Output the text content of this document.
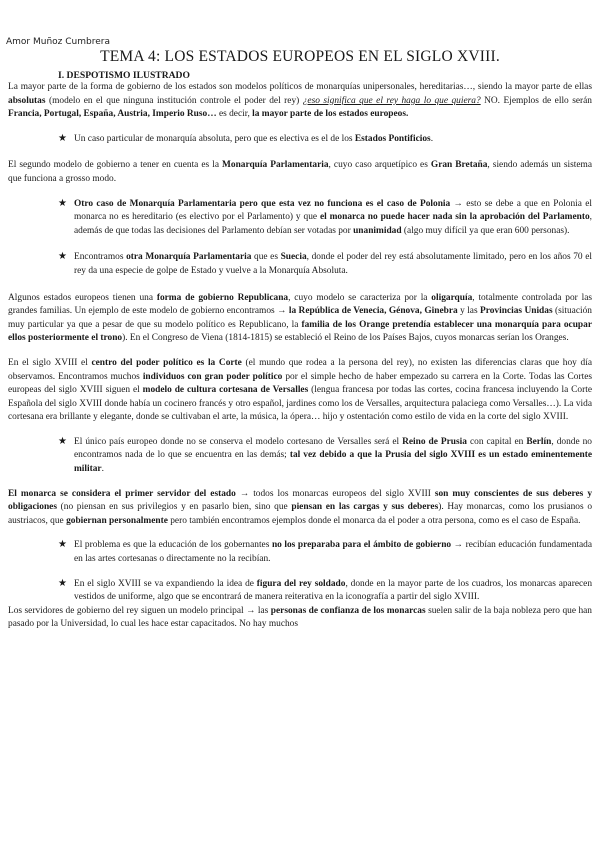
Amor Muñoz Cumbrera
TEMA 4: LOS ESTADOS EUROPEOS EN EL SIGLO XVIII.
I. DESPOTISMO ILUSTRADO

La mayor parte de la forma de gobierno de los estados son modelos políticos de monarquías unipersonales, hereditarias…, siendo la mayor parte de ellas absolutas (modelo en el que ninguna institución controle el poder del rey) ¿eso significa que el rey haga lo que quiera? NO. Ejemplos de ello serán Francia, Portugal, España, Austria, Imperio Ruso… es decir, la mayor parte de los estados europeos.

★ Un caso particular de monarquía absoluta, pero que es electiva es el de los Estados Pontificios.

El segundo modelo de gobierno a tener en cuenta es la Monarquía Parlamentaria, cuyo caso arquetípico es Gran Bretaña, siendo además un sistema que funciona a grosso modo.

★ Otro caso de Monarquía Parlamentaria pero que esta vez no funciona es el caso de Polonia → esto se debe a que en Polonia el monarca no es hereditario (es electivo por el Parlamento) y que el monarca no puede hacer nada sin la aprobación del Parlamento, además de que todas las decisiones del Parlamento debían ser votadas por unanimidad (algo muy difícil ya que eran 600 personas).
★ Encontramos otra Monarquía Parlamentaria que es Suecia, donde el poder del rey está absolutamente limitado, pero en los años 70 el rey da una especie de golpe de Estado y vuelve a la Monarquía Absoluta.

Algunos estados europeos tienen una forma de gobierno Republicana, cuyo modelo se caracteriza por la oligarquía, totalmente controlada por las grandes familias. Un ejemplo de este modelo de gobierno encontramos → la República de Venecia, Génova, Ginebra y las Provincias Unidas (situación muy particular ya que a pesar de que su modelo político es Republicano, la familia de los Orange pretendía establecer una monarquía para ocupar ellos posteriormente el trono). En el Congreso de Viena (1814-1815) se estableció el Reino de los Países Bajos, cuyos monarcas serían los Oranges.

En el siglo XVIII el centro del poder político es la Corte (el mundo que rodea a la persona del rey), no existen las diferencias claras que hoy día observamos. Encontramos muchos individuos con gran poder político por el simple hecho de haber empezado su carrera en la Corte. Todas las Cortes europeas del siglo XVIII siguen el modelo de cultura cortesana de Versalles (lengua francesa por todas las cortes, cocina francesa incluyendo la Corte Española del siglo XVIII donde había un cocinero francés y otro español, jardines como los de Versalles, arquitectura palaciega como Versalles…). La vida cortesana era brillante y elegante, donde se cultivaban el arte, la música, la ópera… hijo y ostentación como estilo de vida en la corte del siglo XVIII.

★ El único país europeo donde no se conserva el modelo cortesano de Versalles será el Reino de Prusia con capital en Berlín, donde no encontramos nada de lo que se encuentra en las demás; tal vez debido a que la Prusia del siglo XVIII es un estado eminentemente militar.

El monarca se considera el primer servidor del estado → todos los monarcas europeos del siglo XVIII son muy conscientes de sus deberes y obligaciones (no piensan en sus privilegios y en pasarlo bien, sino que piensan en las cargas y sus deberes). Hay monarcas, como los prusianos o austriacos, que gobiernan personalmente pero también encontramos ejemplos donde el monarca da el poder a otra persona, como es el caso de España.

★ El problema es que la educación de los gobernantes no los preparaba para el ámbito de gobierno → recibían educación fundamentada en las artes cortesanas o directamente no la recibían.
★ En el siglo XVIII se va expandiendo la idea de figura del rey soldado, donde en la mayor parte de los cuadros, los monarcas aparecen vestidos de uniforme, algo que se encontrará de manera reiterativa en la iconografía a partir del siglo XVIII.

Los servidores de gobierno del rey siguen un modelo principal → las personas de confianza de los monarcas suelen salir de la baja nobleza pero que han pasado por la Universidad, lo cual les hace estar capacitados. No hay muchos
